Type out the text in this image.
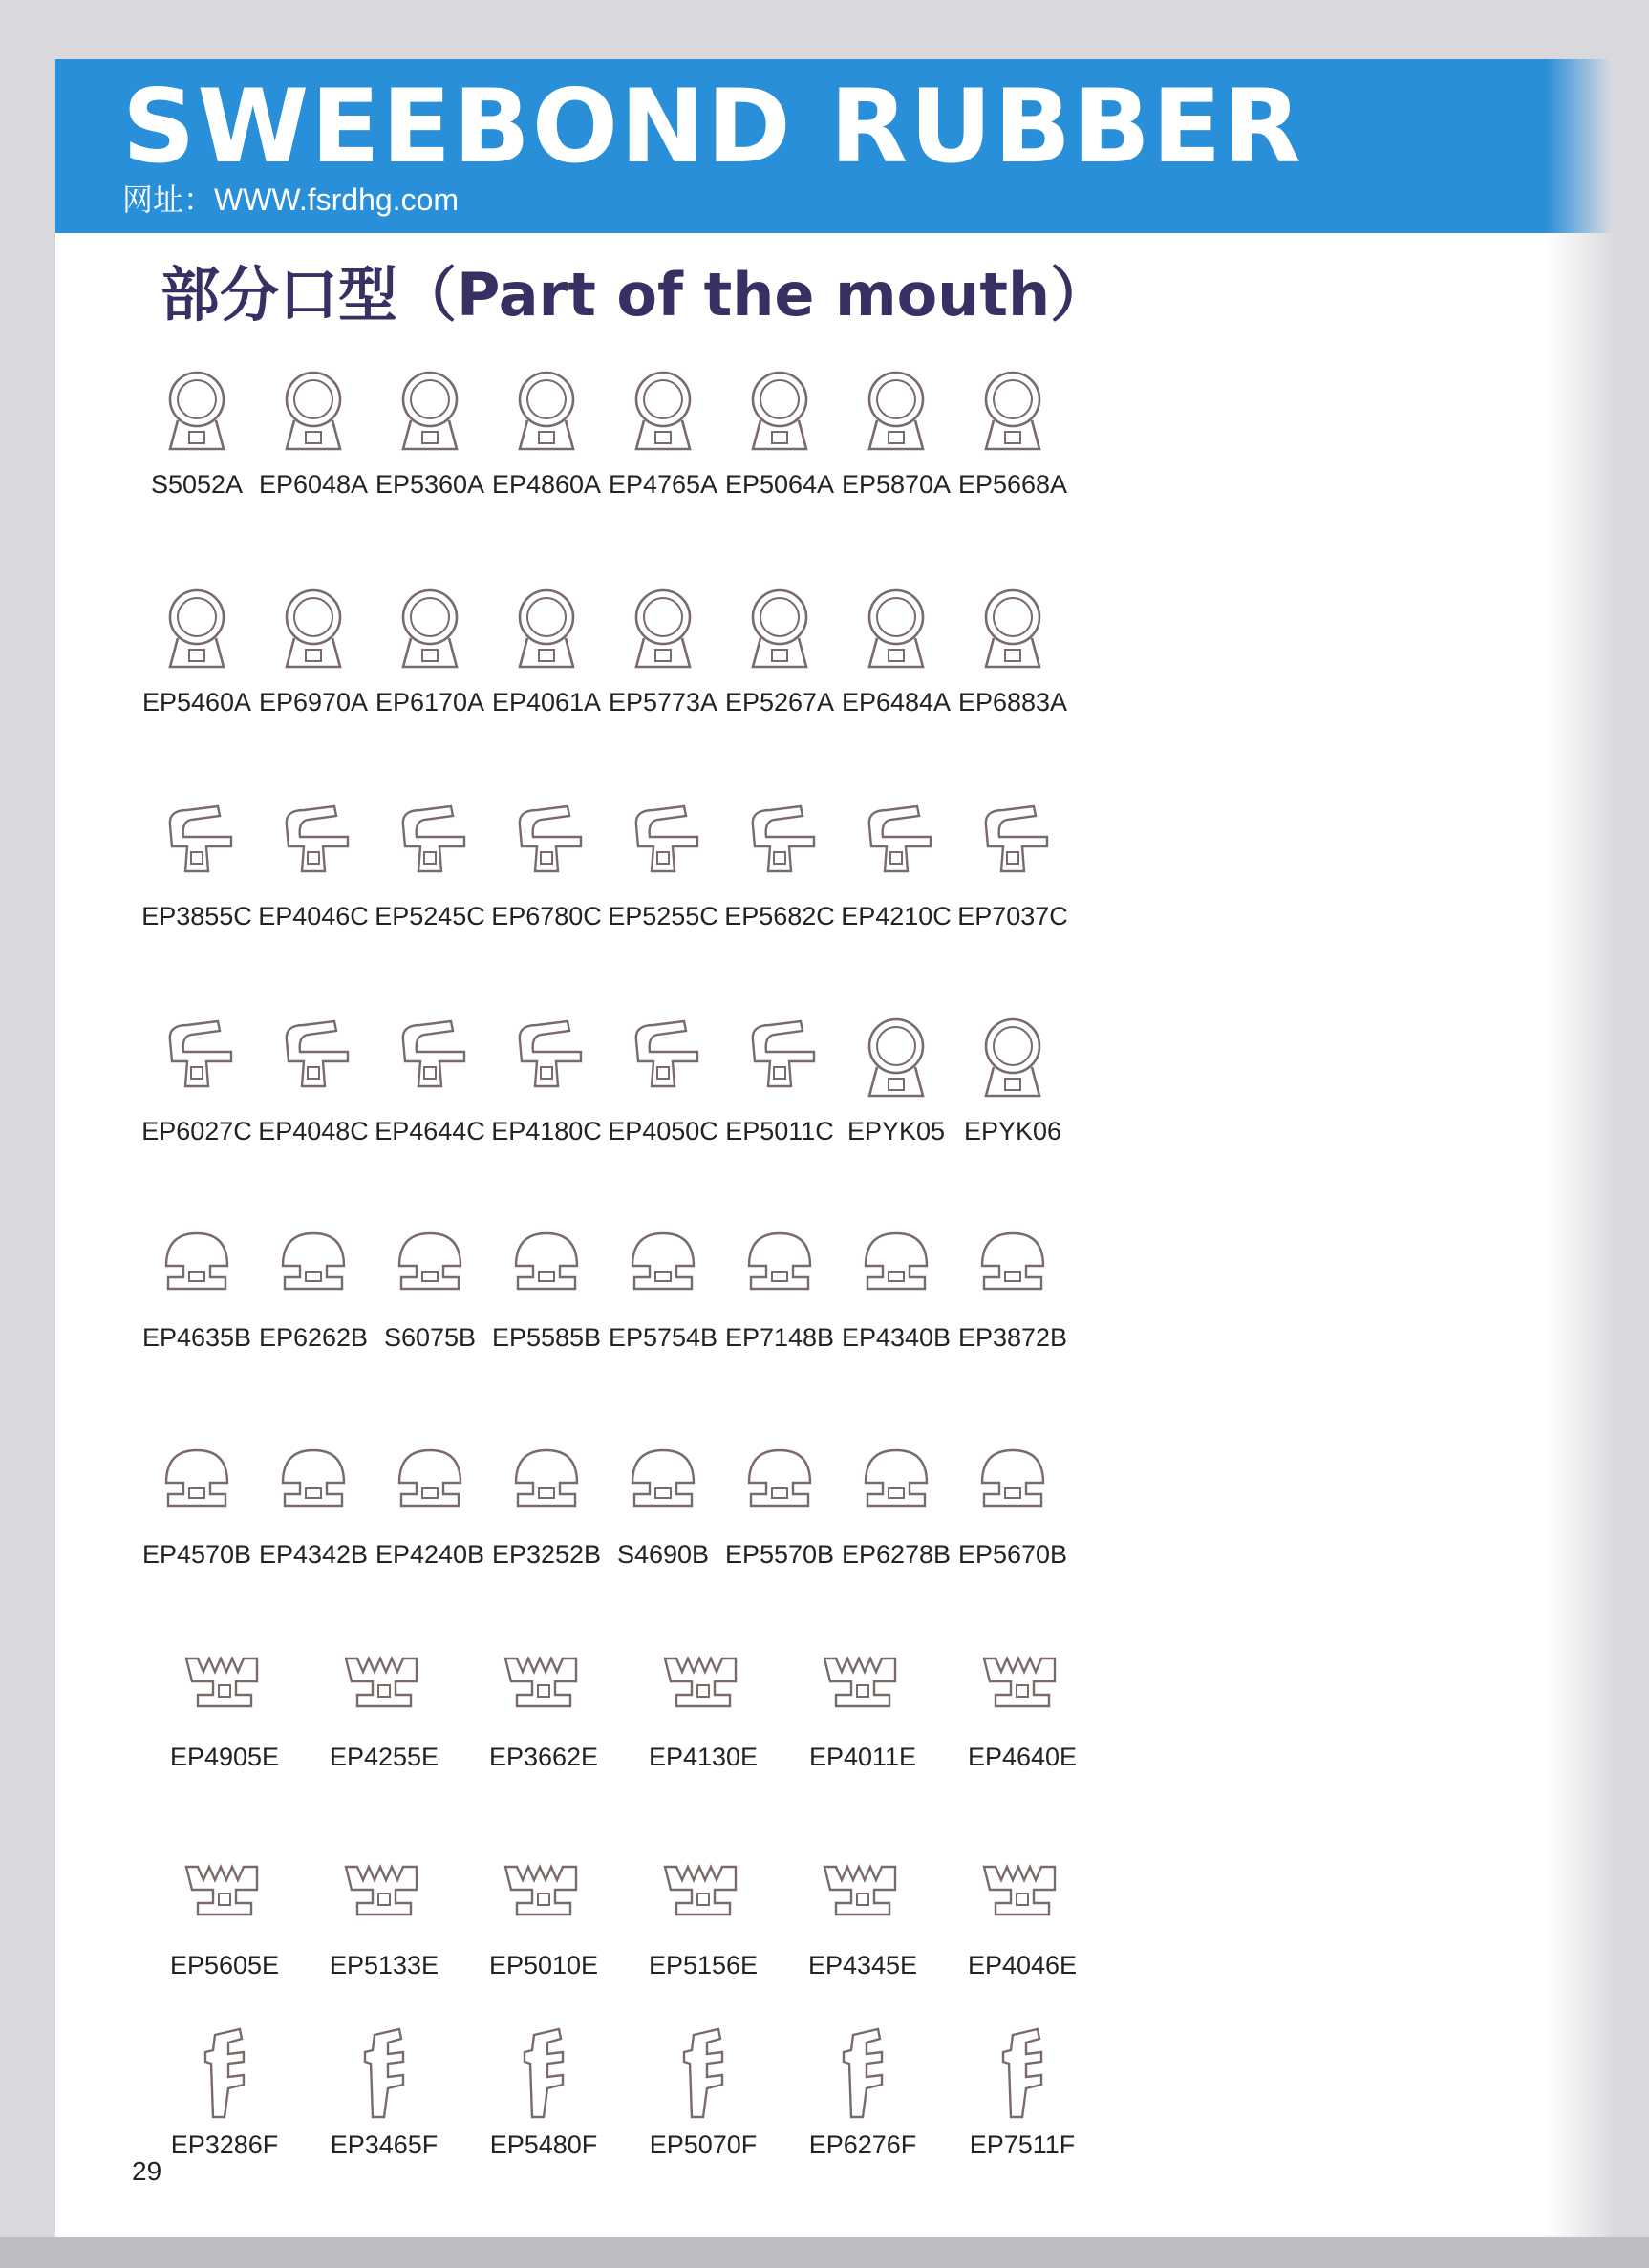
SWEEBOND RUBBER
网址：WWW.fsrdhg.com
部分口型（Part of the mouth）
S5052A EP6048A EP5360A EP4860A EP4765A EP5064A EP5870A EP5668A
EP5460A EP6970A EP6170A EP4061A EP5773A EP5267A EP6484A EP6883A
EP3855C EP4046C EP5245C EP6780C EP5255C EP5682C EP4210C EP7037C
EP6027C EP4048C EP4644C EP4180C EP4050C EP5011C EPYK05 EPYK06
EP4635B EP6262B S6075B EP5585B EP5754B EP7148B EP4340B EP3872B
EP4570B EP4342B EP4240B EP3252B S4690B EP5570B EP6278B EP5670B
EP4905E	EP4255E	EP3662E	EP4130E	EP4011E	EP4640E
EP5605E	EP5133E	EP5010E	EP5156E	EP4345E	EP4046E
EP3286F	EP3465F	EP5480F	EP5070F	EP6276F	EP7511F
29
